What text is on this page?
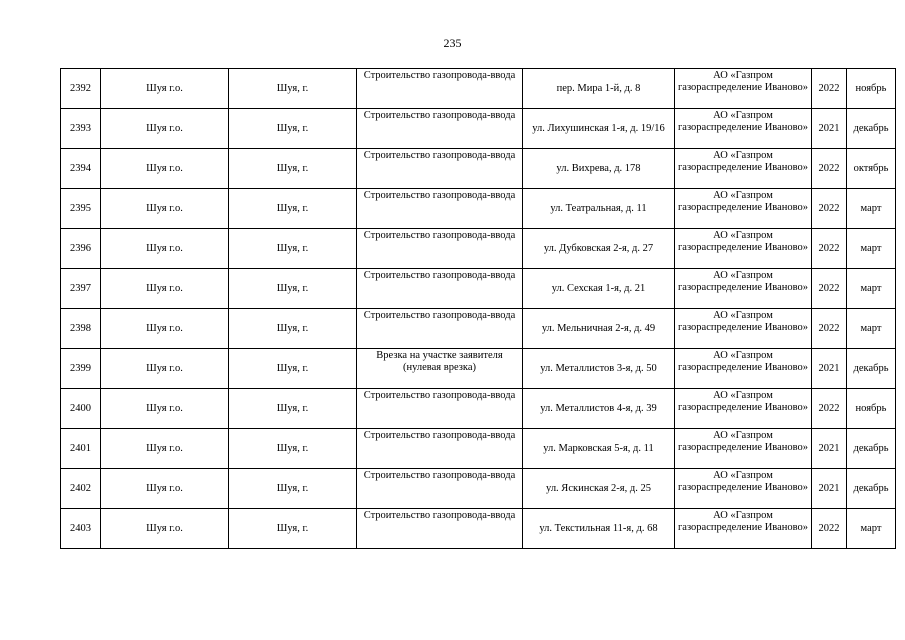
235
2392	Шуя г.о.	Шуя, г.	Строительство газопровода-ввода	пер. Мира 1-й, д. 8	АО «Газпром газораспределение Иваново»	2022	ноябрь
2393	Шуя г.о.	Шуя, г.	Строительство газопровода-ввода	ул. Лихушинская 1-я, д. 19/16	АО «Газпром газораспределение Иваново»	2021	декабрь
2394	Шуя г.о.	Шуя, г.	Строительство газопровода-ввода	ул. Вихрева, д. 178	АО «Газпром газораспределение Иваново»	2022	октябрь
2395	Шуя г.о.	Шуя, г.	Строительство газопровода-ввода	ул. Театральная, д. 11	АО «Газпром газораспределение Иваново»	2022	март
2396	Шуя г.о.	Шуя, г.	Строительство газопровода-ввода	ул. Дубковская 2-я, д. 27	АО «Газпром газораспределение Иваново»	2022	март
2397	Шуя г.о.	Шуя, г.	Строительство газопровода-ввода	ул. Сехская 1-я, д. 21	АО «Газпром газораспределение Иваново»	2022	март
2398	Шуя г.о.	Шуя, г.	Строительство газопровода-ввода	ул. Мельничная 2-я, д. 49	АО «Газпром газораспределение Иваново»	2022	март
2399	Шуя г.о.	Шуя, г.	Врезка на участке заявителя (нулевая врезка)	ул. Металлистов 3-я, д. 50	АО «Газпром газораспределение Иваново»	2021	декабрь
2400	Шуя г.о.	Шуя, г.	Строительство газопровода-ввода	ул. Металлистов 4-я, д. 39	АО «Газпром газораспределение Иваново»	2022	ноябрь
2401	Шуя г.о.	Шуя, г.	Строительство газопровода-ввода	ул. Марковская 5-я, д. 11	АО «Газпром газораспределение Иваново»	2021	декабрь
2402	Шуя г.о.	Шуя, г.	Строительство газопровода-ввода	ул. Яскинская 2-я, д. 25	АО «Газпром газораспределение Иваново»	2021	декабрь
2403	Шуя г.о.	Шуя, г.	Строительство газопровода-ввода	ул. Текстильная 11-я, д. 68	АО «Газпром газораспределение Иваново»	2022	март
